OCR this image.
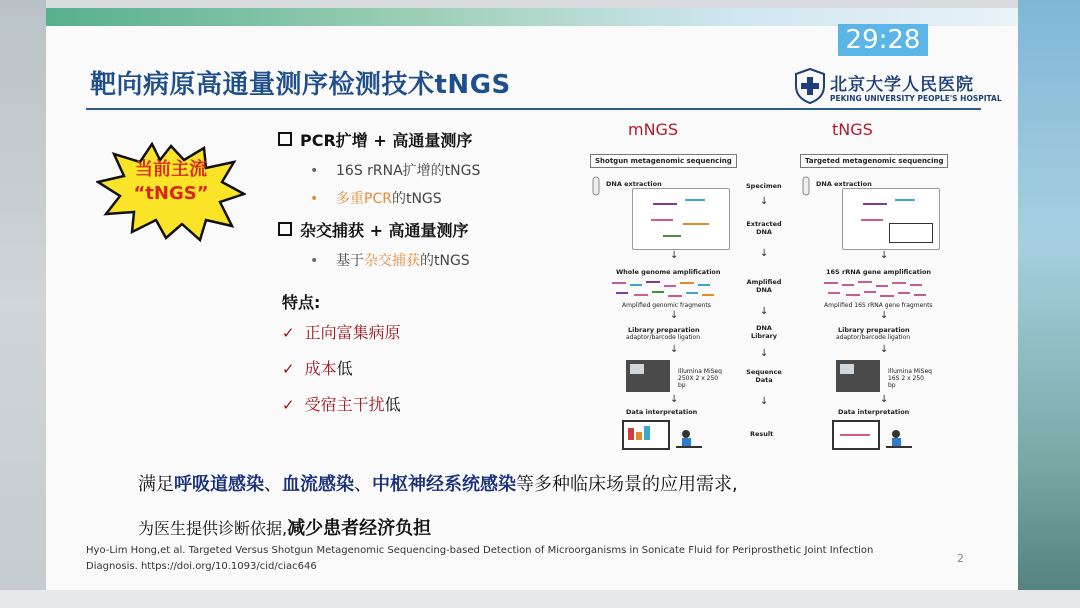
靶向病原高通量测序检测技术tNGS	北京大学人民医院
PEKING UNIVERSITY PEOPLE'S HOSPITAL
当前主流
“tNGS”
PCR扩增 + 高通量测序
• 16S rRNA扩增的tNGS
• 多重PCR的tNGS
杂交捕获 + 高通量测序
• 基于杂交捕获的tNGS
特点:
✓ 正向富集病原
✓ 成本低
✓ 受宿主干扰低
mNGS	tNGS
Shotgun metagenomic sequencing	Targeted metagenomic sequencing
DNA extraction	DNA extraction
Specimen
↓
Extracted DNA
↓
Amplified DNA
↓
DNA Library
↓
Sequence Data
↓
Result
↓	↓
Whole genome amplification	16S rRNA gene amplification
Amplified genomic fragments	Amplified 16S rRNA gene fragments
↓	↓
Library preparation
adaptor/barcode ligation
Library preparation
adaptor/barcode ligation
↓	↓
Illumina MiSeq 250X 2 x 250 bp
Illumina MiSeq 16S 2 x 250 bp
↓	↓
Data interpretation	Data interpretation
满足呼吸道感染、血流感染、中枢神经系统感染等多种临床场景的应用需求,
为医生提供诊断依据,减少患者经济负担
Hyo-Lim Hong,et al. Targeted Versus Shotgun Metagenomic Sequencing-based Detection of Microorganisms in Sonicate Fluid for Periprosthetic Joint Infection
Diagnosis. https://doi.org/10.1093/cid/ciac646
2
29:28
